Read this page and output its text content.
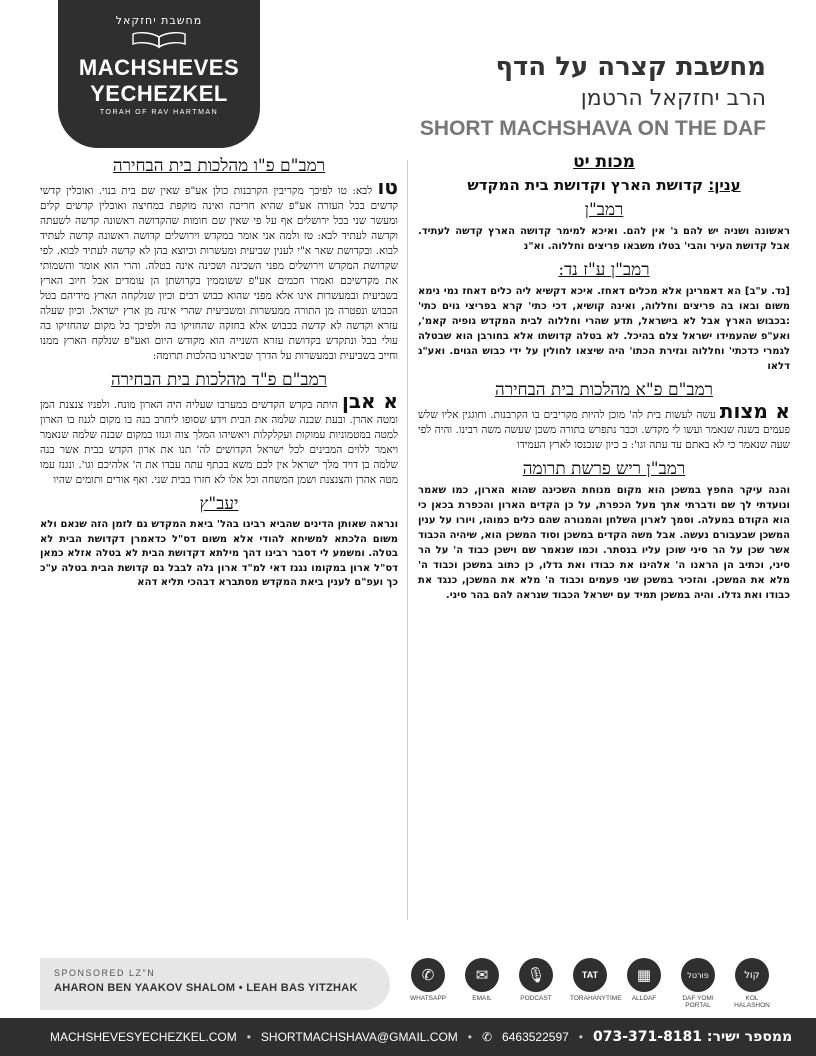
מחשבת יחזקאל
MACHSHEVES
YECHEZKEL
TORAH OF RAV HARTMAN
מחשבת קצרה על הדף
הרב יחזקאל הרטמן
SHORT MACHSHAVA ON THE DAF
מכות יט
ענין: קדושת הארץ וקדושת בית המקדש
רמב"ן
ראשונה ושניה יש להם ג' אין להם. ואיכא למימר קדושה הארץ קדשה לעתיד. אבל קדושת העיר והבי' בטלו משבאו פריצים וחללוה. וא"נ
רמב"ן ע"ז נד:
[נד. ע"ב] הא דאמרינן אלא מכלים דאחז. איכא דקשיא ליה כלים דאחז נמי נימא משום ובאו בה פריצים וחללוה, ואינה קושיא, דכי כתי' קרא בפריצי גוים כתי' :בכבוש הארץ אבל לא בישראל, תדע שהרי וחללוה לבית המקדש גופיה קאמ', ואע"פ שהעמידו ישראל צלם בהיכל. לא בטלה קדושתו אלא בחורבן הוא שבטלה לגמרי כדכתי' וחללוה וגזירת הכתו' היה שיצאו לחולין על ידי כבוש הגוים. ואע"ג דלאו
רמב"ם פ"א מהלכות בית הבחירה
א מצות עשה לעשות בית לה' מוכן להיות מקריבים בו הקרבנות. וחוגגין אליו שלש פעמים בשנה שנאמר ועשו לי מקדש. וכבר נתפרש בתורה משכן שעשה משה רבינו. והיה לפי שעה שנאמר כי לא באתם עד עתה וגו': ב כיון שנכנסו לארץ העמידו
רמב"ן ריש פרשת תרומה
והנה עיקר החפץ במשכן הוא מקום מנוחת השכינה שהוא הארון, כמו שאמר ונועדתי לך שם ודברתי אתך מעל הכפרת, על כן הקדים הארון והכפרת בכאן כי הוא הקודם במעלה. וסמך לארון השלחן והמנורה שהם כלים כמוהו, ויורו על ענין המשכן שבעבורם נעשה. אבל משה הקדים במשכן וסוד המשכן הוא, שיהיה הכבוד אשר שכן על הר סיני שוכן עליו בנסתר. וכמו שנאמר שם וישכן כבוד ה' על הר סיני, וכתיב הן הראנו ה' אלהינו את כבודו ואת גדלו, כן כתוב במשכן וכבוד ה' מלא את המשכן. והזכיר במשכן שני פעמים וכבוד ה' מלא את המשכן, כנגד את כבודו ואת גדלו. והיה במשכן תמיד עם ישראל הכבוד שנראה להם בהר סיני.
רמב"ם פ"ו מהלכות בית הבחירה
טו לבא: טו לפיכך מקריבין הקרבנות כולן אע"פ שאין שם בית בנוי. ואוכלין קדשי קדשים בכל העזרה אע"פ שהיא חריבה ואינה מוקפת במחיצה ואוכלין קדשים קלים ומעשר שני בכל ירושלים אף על פי שאין שם חומות שהקדושה ראשונה קדשה לשעתה וקדשה לעתיד לבא: טז ולמה אני אומר במקדש וירושלים קדושה ראשונה קדשה לעתיד לבוא. ובקדושת שאר א"י לענין שביעית ומעשרות וכיוצא בהן לא קדשה לעתיד לבוא. לפי שקדושת המקדש וירושלים מפני השכינה ושכינה אינה בטלה. והרי הוא אומר והשמותי את מקדשיכם ואמרו חכמים אע"פ ששוממין בקדושתן הן עומדים אבל חיוב הארץ בשביעית ובמעשרות אינו אלא מפני שהוא כבוש רבים וכיון שנלקחה הארץ מידיהם בטל הכבוש ונפטרה מן התורה ממעשרות ומשביעית שהרי אינה מן ארץ ישראל. וכיון שעלה עזרא וקדשה לא קדשה בכבוש אלא בחזקה שהחזיקו בה ולפיכך כל מקום שהחזיקו בה עולי בבל ונתקדש בקדושת עזרא השנייה הוא מקודש היום ואע"פ שנלקח הארץ ממנו וחייב בשביעית ובמעשרות על הדרך שביארנו בהלכות תרומה:
רמב"ם פ"ד מהלכות בית הבחירה
א אבן היתה בקדש הקדשים במערבו שעליה היה הארון מונח. ולפניו צנצנת המן ומטה אהרן. ובעת שבנה שלמה את הבית וידע שסופו ליחרב בנה בו מקום לגנוז בו הארון למטה במטמוניות עמוקות ועקלקלות ויאשיהו המלך צוה וגנזו במקום שבנה שלמה שנאמר ויאמר ללוים המבינים לכל ישראל הקדושים לה' תנו את ארון הקדש בבית אשר בנה שלמה בן דויד מלך ישראל אין לכם משא בכתף עתה עבדו את ה' אלהיכם וגו'. ונגנז עמו מטה אהרן והצנצנת ושמן המשחה וכל אלו לא חזרו בבית שני. ואף אורים ותומים שהיו
יעב"ץ
ונראה שאותן הדינים שהביא רבינו בהל' ביאת המקדש גם לזמן הזה שנאם ולא משום הלכתא למשיחא להודי אלא משום דס"ל כדאמרן דקדושת הבית לא בטלה. ומשמע לי דסבר רבינו דהך מילתא דקדושת הבית לא בטלה אזלא כמאן דס"ל ארון במקומו נגנז דאי למ"ד ארון גלה לבבל גם קדושת הבית בטלה ע"כ כך ועפ"ם לענין ביאת המקדש מסתברא דבהכי תליא דהא
SPONSORED LZ"N
AHARON BEN YAAKOV SHALOM • LEAH BAS YITZHAK
✆
WHATSAPP
✉
EMAIL
🎙
PODCAST
TAT
TORAHANYTIME
▦
ALLDAF
פורטל
DAF YOMI PORTAL
קול
KOL HALASHON
MACHSHEVESYECHEZKEL.COM • SHORTMACHSHAVA@GMAIL.COM • ✆ 6463522597 •	ממספר ישיר: 073-371-8181
